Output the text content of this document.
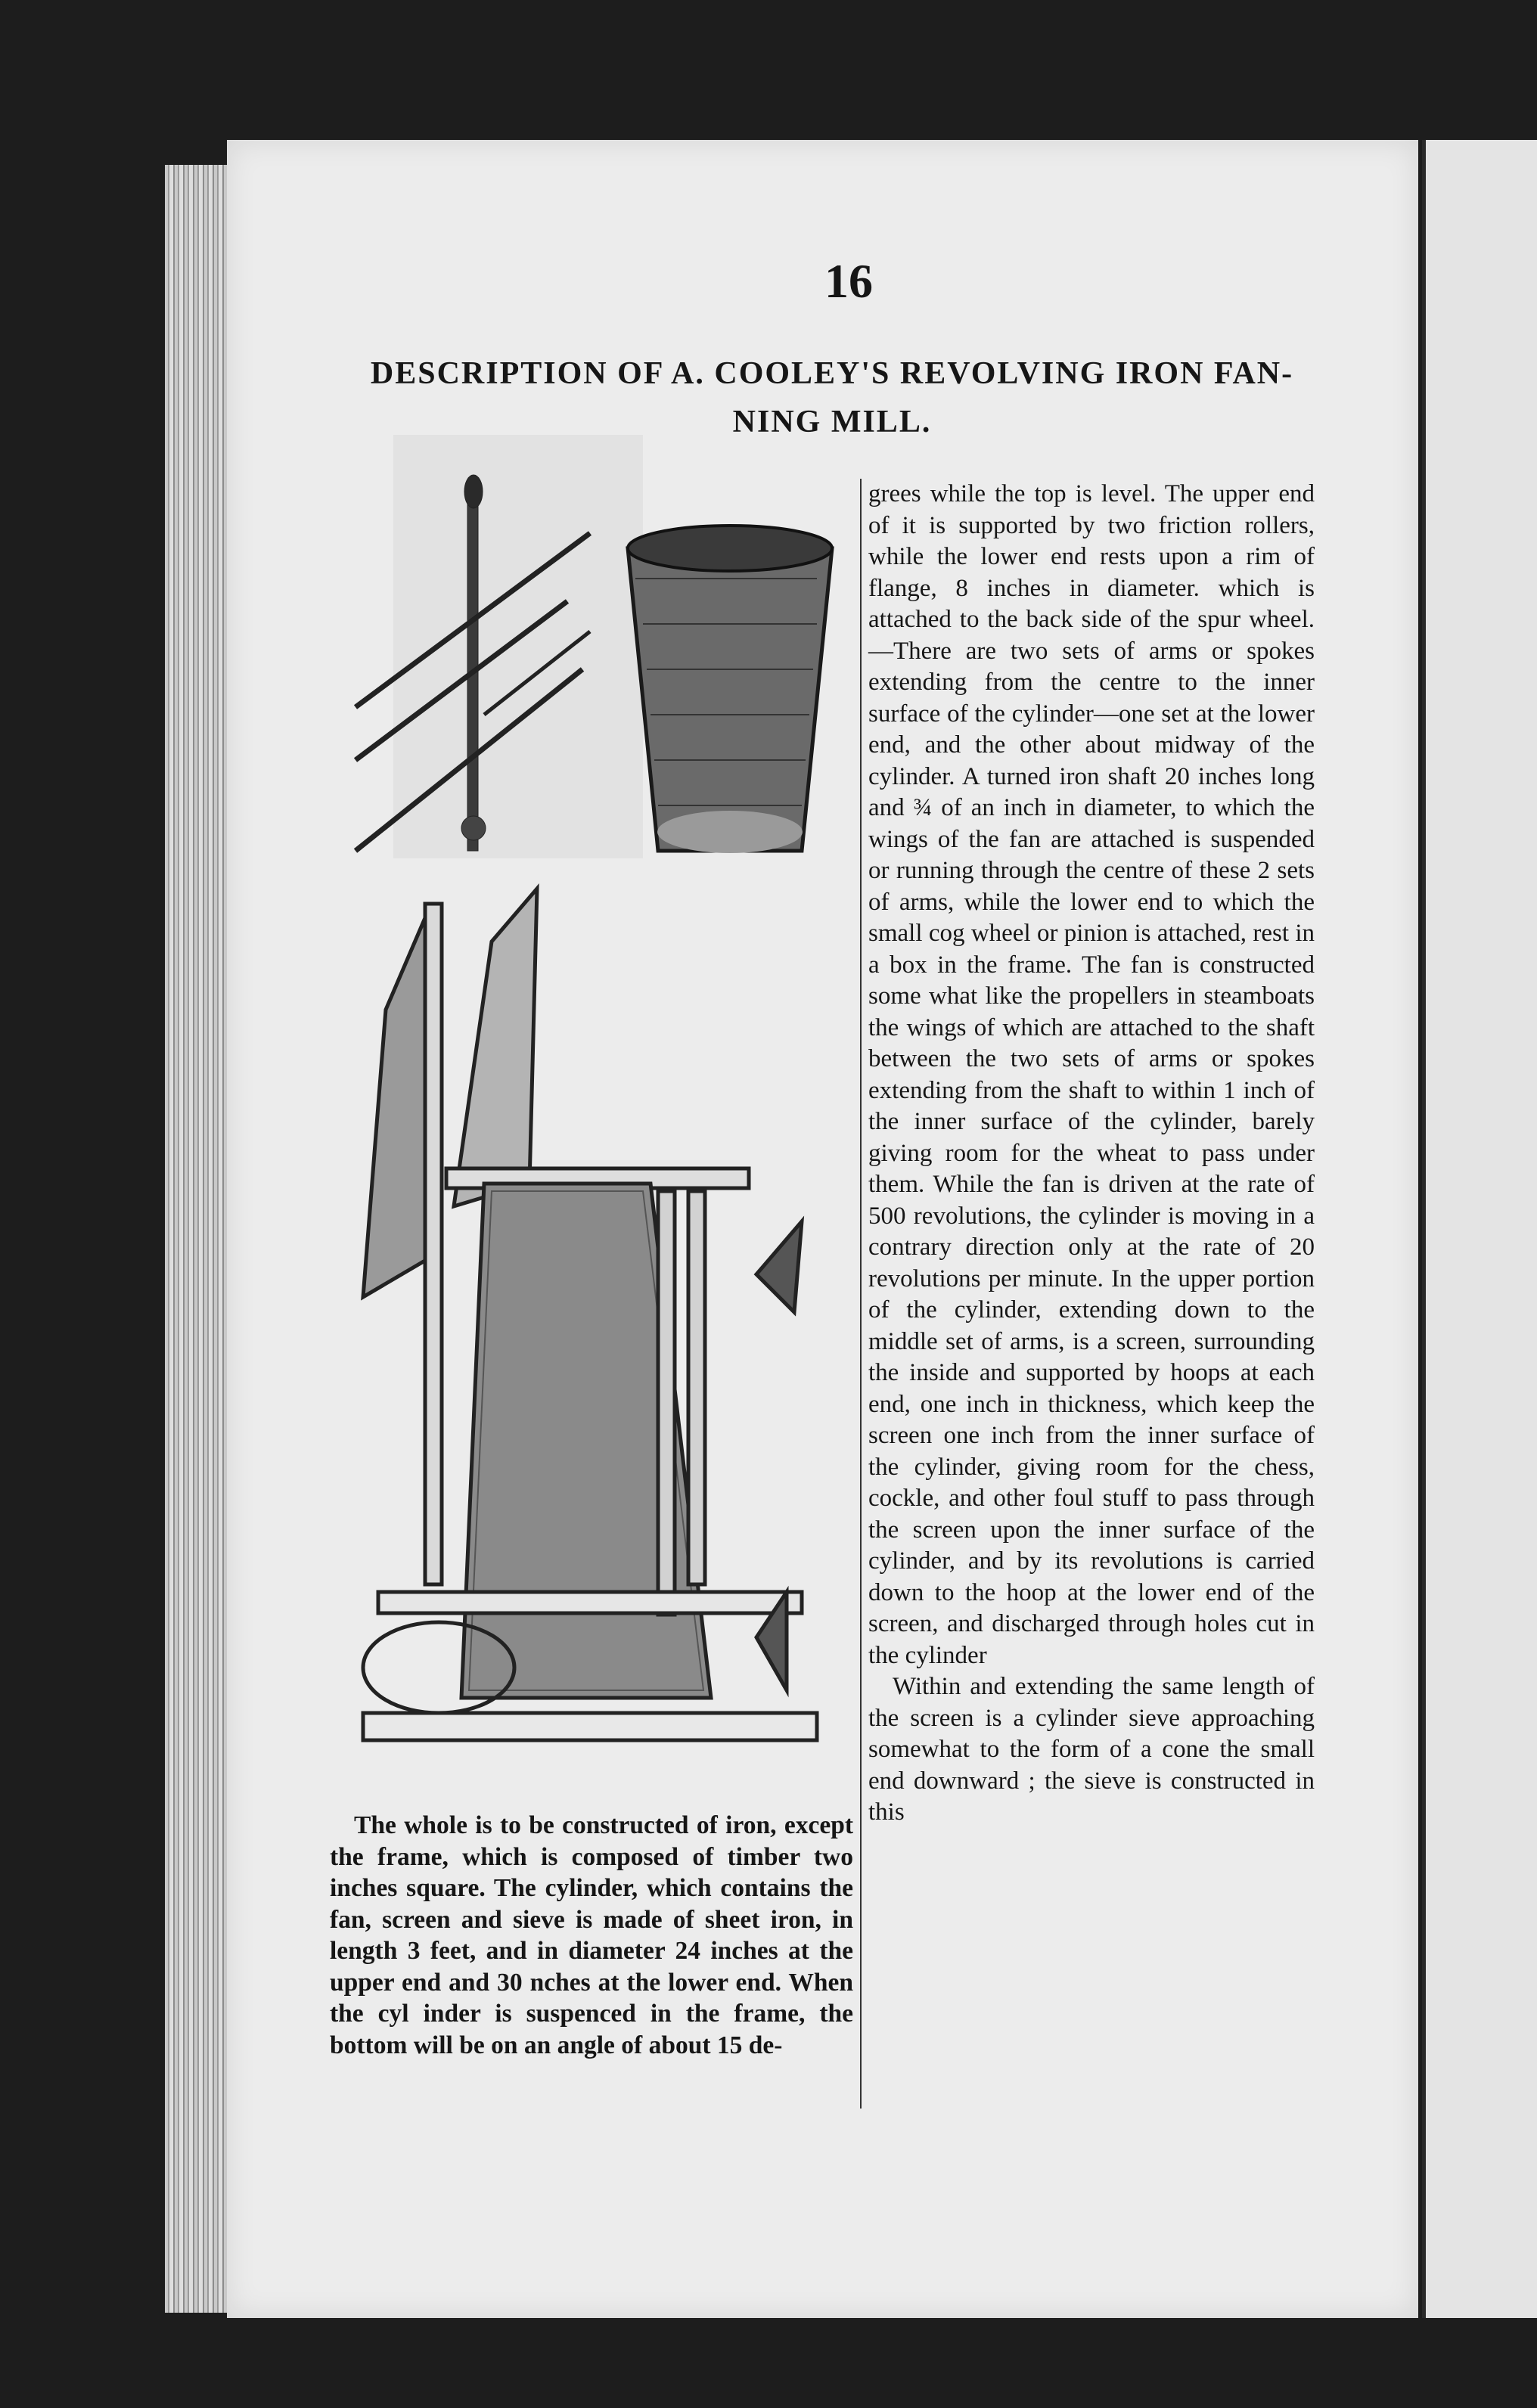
16
DESCRIPTION OF A. COOLEY'S REVOLVING IRON FAN-
NING MILL.

grees while the top is level. The upper end of it is supported by two friction rollers, while the lower end rests upon a rim of flange, 8 inches in diameter. which is attached to the back side of the spur wheel.—There are two sets of arms or spokes extending from the centre to the inner surface of the cylinder—one set at the lower end, and the other about midway of the cylinder. A turned iron shaft 20 inches long and ¾ of an inch in diameter, to which the wings of the fan are attached is suspended or running through the centre of these 2 sets of arms, while the lower end to which the small cog wheel or pinion is attached, rest in a box in the frame. The fan is constructed some what like the propellers in steamboats the wings of which are attached to the shaft between the two sets of arms or spokes extending from the shaft to within 1 inch of the inner surface of the cylinder, barely giving room for the wheat to pass under them. While the fan is driven at the rate of 500 revolutions, the cylinder is moving in a contrary direction only at the rate of 20 revolutions per minute. In the upper portion of the cylinder, extending down to the middle set of arms, is a screen, surrounding the inside and supported by hoops at each end, one inch in thickness, which keep the screen one inch from the inner surface of the cylinder, giving room for the chess, cockle, and other foul stuff to pass through the screen upon the inner surface of the cylinder, and by its revolutions is carried down to the hoop at the lower end of the screen, and discharged through holes cut in the cylinder

Within and extending the same length of the screen is a cylinder sieve approaching somewhat to the form of a cone the small end downward ; the sieve is constructed in this

The whole is to be constructed of iron, except the frame, which is composed of timber two inches square. The cylinder, which contains the fan, screen and sieve is made of sheet iron, in length 3 feet, and in diameter 24 inches at the upper end and 30 nches at the lower end. When the cyl inder is suspenced in the frame, the bottom will be on an angle of about 15 de-
